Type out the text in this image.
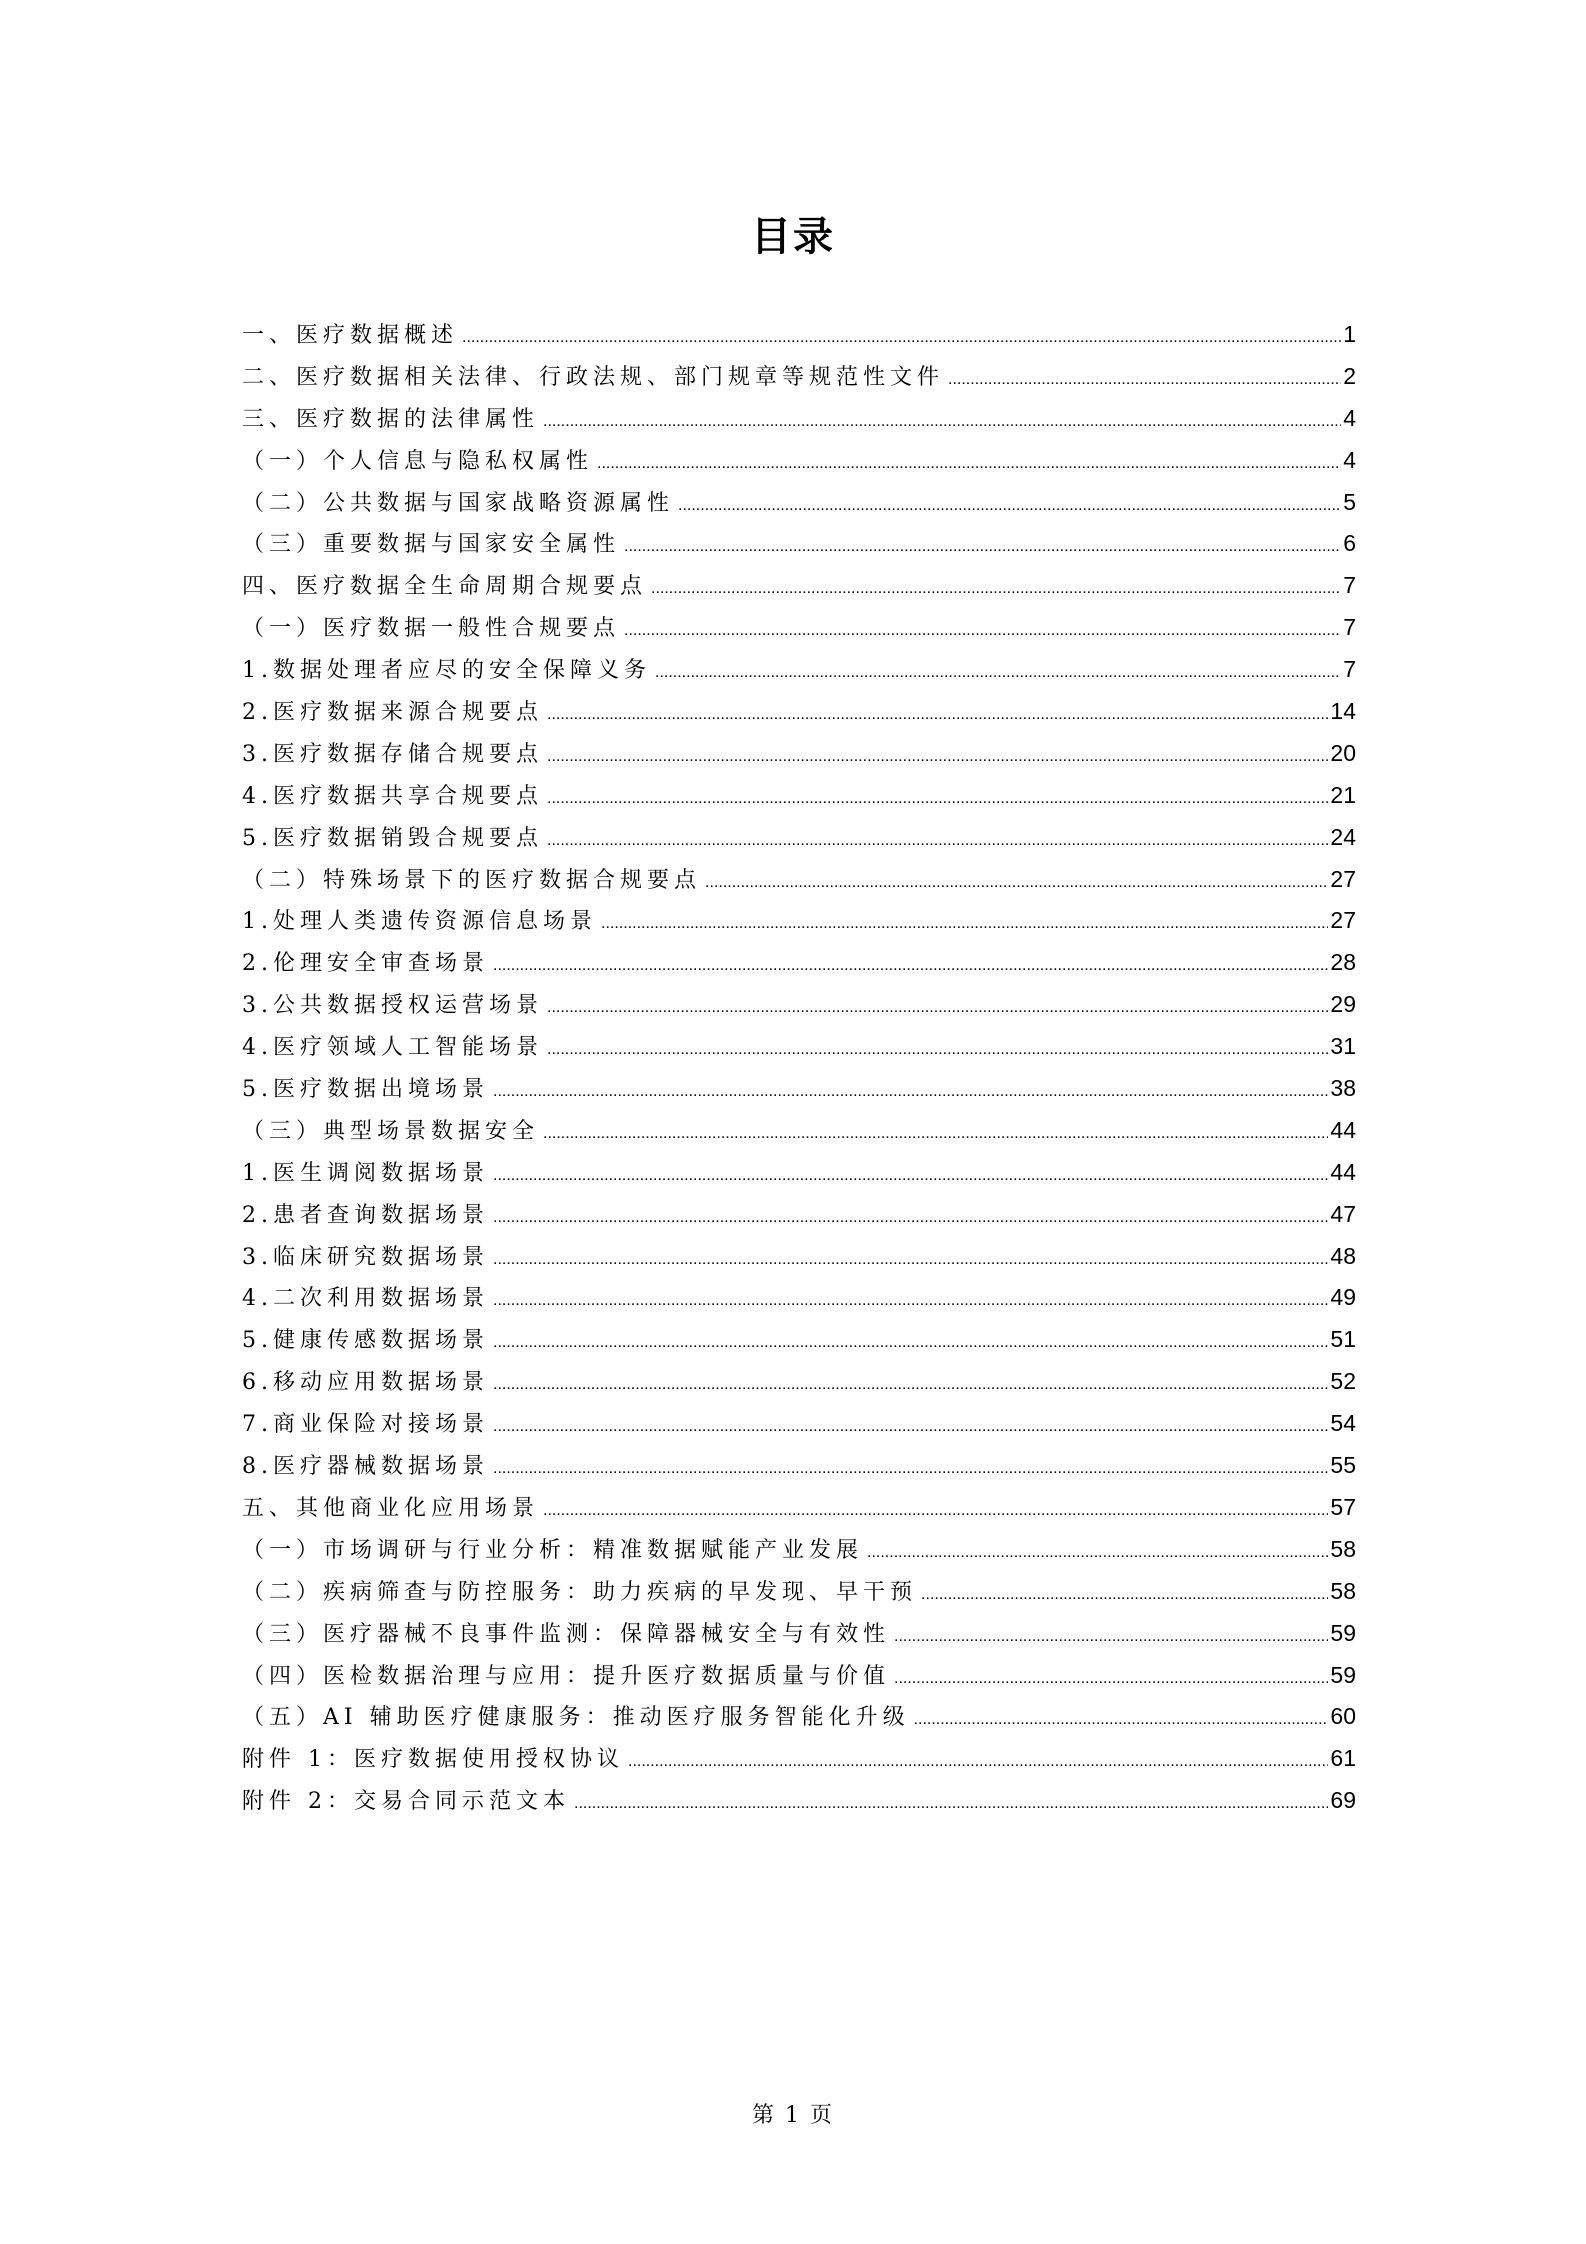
目录
一、医疗数据概述 .....	1
二、医疗数据相关法律、行政法规、部门规章等规范性文件 .....	2
三、医疗数据的法律属性 .....	4
（一）个人信息与隐私权属性 .....	4
（二）公共数据与国家战略资源属性 .....	5
（三）重要数据与国家安全属性 .....	6
四、医疗数据全生命周期合规要点 .....	7
（一）医疗数据一般性合规要点 .....	7
1.数据处理者应尽的安全保障义务 .....	7
2.医疗数据来源合规要点 .....	14
3.医疗数据存储合规要点 .....	20
4.医疗数据共享合规要点 .....	21
5.医疗数据销毁合规要点 .....	24
（二）特殊场景下的医疗数据合规要点 .....	27
1.处理人类遗传资源信息场景 .....	27
2.伦理安全审查场景 .....	28
3.公共数据授权运营场景 .....	29
4.医疗领域人工智能场景 .....	31
5.医疗数据出境场景 .....	38
（三）典型场景数据安全 .....	44
1.医生调阅数据场景 .....	44
2.患者查询数据场景 .....	47
3.临床研究数据场景 .....	48
4.二次利用数据场景 .....	49
5.健康传感数据场景 .....	51
6.移动应用数据场景 .....	52
7.商业保险对接场景 .....	54
8.医疗器械数据场景 .....	55
五、其他商业化应用场景 .....	57
（一）市场调研与行业分析：精准数据赋能产业发展 .....	58
（二）疾病筛查与防控服务：助力疾病的早发现、早干预 .....	58
（三）医疗器械不良事件监测：保障器械安全与有效性 .....	59
（四）医检数据治理与应用：提升医疗数据质量与价值 .....	59
（五）AI 辅助医疗健康服务：推动医疗服务智能化升级 .....	60
附件 1：医疗数据使用授权协议 .....	61
附件 2：交易合同示范文本 .....	69
第 1 页
